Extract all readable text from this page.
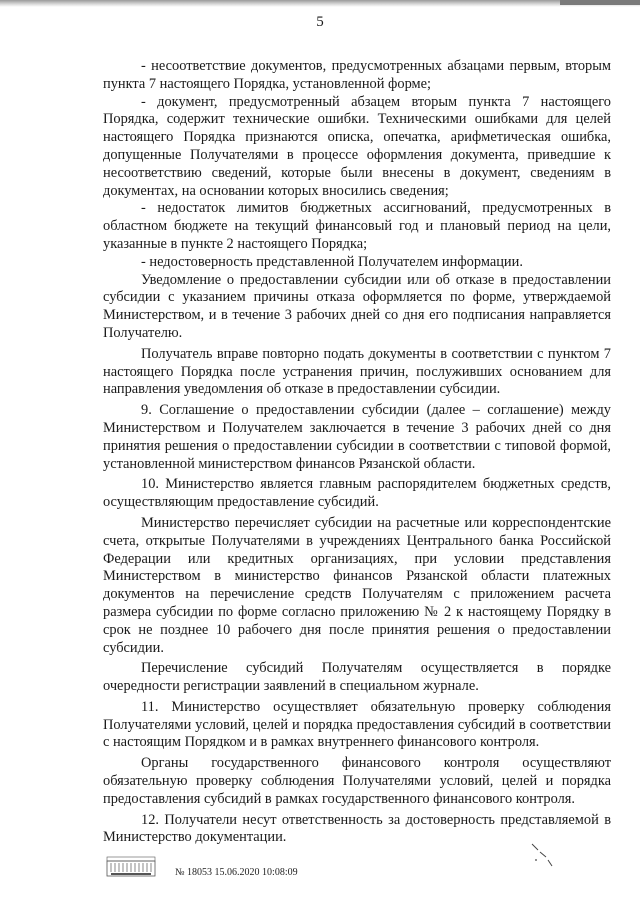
5

- несоответствие документов, предусмотренных абзацами первым, вторым пункта 7 настоящего Порядка, установленной форме;

- документ, предусмотренный абзацем вторым пункта 7 настоящего Порядка, содержит технические ошибки. Техническими ошибками для целей настоящего Порядка признаются описка, опечатка, арифметическая ошибка, допущенные Получателями в процессе оформления документа, приведшие к несоответствию сведений, которые были внесены в документ, сведениям в документах, на основании которых вносились сведения;

- недостаток лимитов бюджетных ассигнований, предусмотренных в областном бюджете на текущий финансовый год и плановый период на цели, указанные в пункте 2 настоящего Порядка;

- недостоверность представленной Получателем информации.

Уведомление о предоставлении субсидии или об отказе в предоставлении субсидии с указанием причины отказа оформляется по форме, утверждаемой Министерством, и в течение 3 рабочих дней со дня его подписания направляется Получателю.

Получатель вправе повторно подать документы в соответствии с пунктом 7 настоящего Порядка после устранения причин, послуживших основанием для направления уведомления об отказе в предоставлении субсидии.

9. Соглашение о предоставлении субсидии (далее – соглашение) между Министерством и Получателем заключается в течение 3 рабочих дней со дня принятия решения о предоставлении субсидии в соответствии с типовой формой, установленной министерством финансов Рязанской области.

10. Министерство является главным распорядителем бюджетных средств, осуществляющим предоставление субсидий.

Министерство перечисляет субсидии на расчетные или корреспондентские счета, открытые Получателями в учреждениях Центрального банка Российской Федерации или кредитных организациях, при условии представления Министерством в министерство финансов Рязанской области платежных документов на перечисление средств Получателям с приложением расчета размера субсидии по форме согласно приложению № 2 к настоящему Порядку в срок не позднее 10 рабочего дня после принятия решения о предоставлении субсидии.

Перечисление субсидий Получателям осуществляется в порядке очередности регистрации заявлений в специальном журнале.

11. Министерство осуществляет обязательную проверку соблюдения Получателями условий, целей и порядка предоставления субсидий в соответствии с настоящим Порядком и в рамках внутреннего финансового контроля.

Органы государственного финансового контроля осуществляют обязательную проверку соблюдения Получателями условий, целей и порядка предоставления субсидий в рамках государственного финансового контроля.

12. Получатели несут ответственность за достоверность представляемой в Министерство документации.

№ 18053 15.06.2020 10:08:09
